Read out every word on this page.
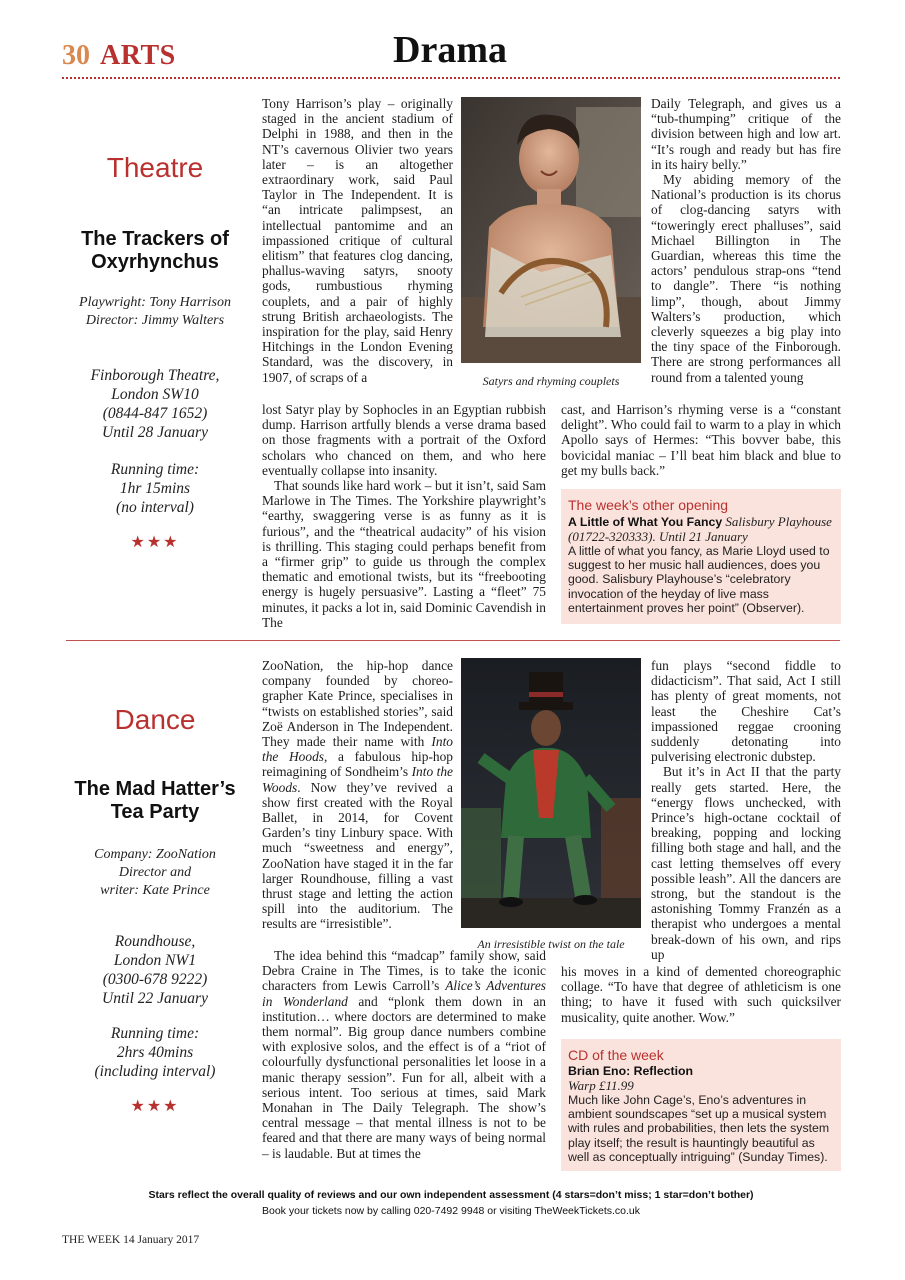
30 ARTS	Drama
Theatre
The Trackers of Oxyrhynchus
Playwright: Tony Harrison
Director: Jimmy Walters
Finborough Theatre,
London SW10
(0844-847 1652)
Until 28 January
Running time:
1hr 15mins
(no interval)
★★★
Satyrs and rhyming couplets

Tony Harrison’s play – originally staged in the ancient stadium of Delphi in 1988, and then in the NT’s cavernous Olivier two years later – is an altogether extraordinary work, said Paul Taylor in The Independent. It is “an intricate palimpsest, an intellectual pantomime and an impassioned critique of cultural elitism” that features clog dancing, phallus-waving satyrs, snooty gods, rumbustious rhyming couplets, and a pair of highly strung British archaeologists. The inspiration for the play, said Henry Hitchings in the London Evening Standard, was the discovery, in 1907, of scraps of a

lost Satyr play by Sophocles in an Egyptian rubbish dump. Harrison artfully blends a verse drama based on those fragments with a portrait of the Oxford scholars who chanced on them, and who here eventually collapse into insanity.

That sounds like hard work – but it isn’t, said Sam Marlowe in The Times. The Yorkshire playwright’s “earthy, swaggering verse is as funny as it is furious”, and the “theatrical audacity” of his vision is thrilling. This staging could perhaps benefit from a “firmer grip” to guide us through the complex thematic and emotional twists, but its “freebooting energy is hugely persuasive”. Lasting a “fleet” 75 minutes, it packs a lot in, said Dominic Cavendish in The

Daily Telegraph, and gives us a “tub-thumping” critique of the division between high and low art. “It’s rough and ready but has fire in its hairy belly.”

My abiding memory of the National’s production is its chorus of clog-dancing satyrs with “toweringly erect phalluses”, said Michael Billington in The Guardian, whereas this time the actors’ pendulous strap-ons “tend to dangle”. There “is nothing limp”, though, about Jimmy Walters’s production, which cleverly squeezes a big play into the tiny space of the Finborough. There are strong performances all round from a talented young

cast, and Harrison’s rhyming verse is a “constant delight”. Who could fail to warm to a play in which Apollo says of Hermes: “This bovver babe, this bovicidal maniac – I’ll beat him black and blue to get my bulls back.”

The week’s other opening
A Little of What You Fancy Salisbury Playhouse (01722-320333). Until 21 January
A little of what you fancy, as Marie Lloyd used to suggest to her music hall audiences, does you good. Salisbury Playhouse’s “celebratory invocation of the heyday of live mass entertainment proves her point” (Observer).
Dance
The Mad Hatter’s Tea Party
Company: ZooNation
Director and
writer: Kate Prince
Roundhouse,
London NW1
(0300-678 9222)
Until 22 January
Running time:
2hrs 40mins
(including interval)
★★★
An irresistible twist on the tale

ZooNation, the hip-hop dance company founded by choreo-grapher Kate Prince, specialises in “twists on established stories”, said Zoë Anderson in The Independent. They made their name with Into the Hoods, a fabulous hip-hop reimagining of Sondheim’s Into the Woods. Now they’ve revived a show first created with the Royal Ballet, in 2014, for Covent Garden’s tiny Linbury space. With much “sweetness and energy”, ZooNation have staged it in the far larger Roundhouse, filling a vast thrust stage and letting the action spill into the auditorium. The results are “irresistible”.

The idea behind this “madcap” family show, said Debra Craine in The Times, is to take the iconic characters from Lewis Carroll’s Alice’s Adventures in Wonderland and “plonk them down in an institution… where doctors are determined to make them normal”. Big group dance numbers combine with explosive solos, and the effect is of a “riot of colourfully dysfunctional personalities let loose in a manic therapy session”. Fun for all, albeit with a serious intent. Too serious at times, said Mark Monahan in The Daily Telegraph. The show’s central message – that mental illness is not to be feared and that there are many ways of being normal – is laudable. But at times the

fun plays “second fiddle to didacticism”. That said, Act I still has plenty of great moments, not least the Cheshire Cat’s impassioned reggae crooning suddenly detonating into pulverising electronic dubstep.

But it’s in Act II that the party really gets started. Here, the “energy flows unchecked, with Prince’s high-octane cocktail of breaking, popping and locking filling both stage and hall, and the cast letting themselves off every possible leash”. All the dancers are strong, but the standout is the astonishing Tommy Franzén as a therapist who undergoes a mental break-down of his own, and rips up

his moves in a kind of demented choreographic collage. “To have that degree of athleticism is one thing; to have it fused with such quicksilver musicality, quite another. Wow.”

CD of the week
Brian Eno: Reflection
Warp £11.99
Much like John Cage’s, Eno’s adventures in ambient soundscapes “set up a musical system with rules and probabilities, then lets the system play itself; the result is hauntingly beautiful as well as conceptually intriguing” (Sunday Times).
Stars reflect the overall quality of reviews and our own independent assessment (4 stars=don’t miss; 1 star=don’t bother)
Book your tickets now by calling 020-7492 9948 or visiting TheWeekTickets.co.uk
THE WEEK 14 January 2017
